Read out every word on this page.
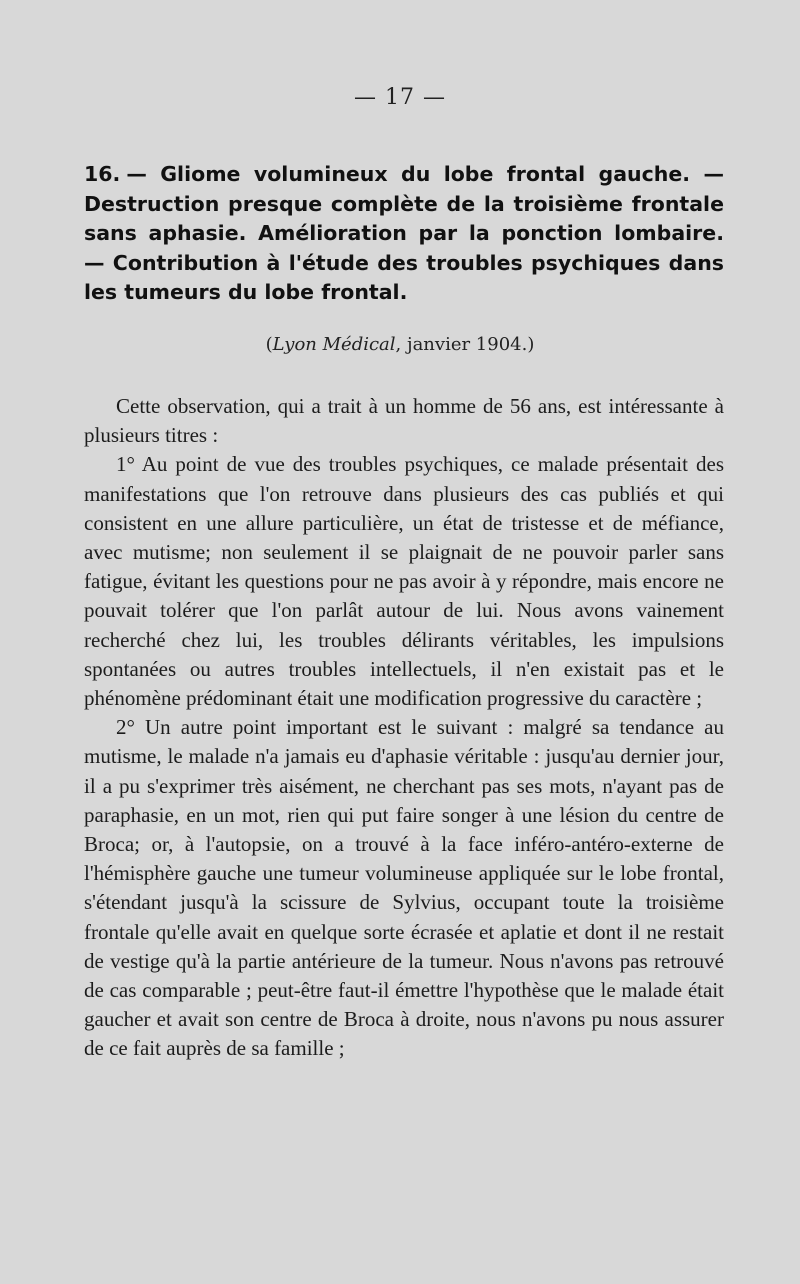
— 17 —
16. — Gliome volumineux du lobe frontal gauche. — Destruction presque complète de la troisième frontale sans aphasie. Amélioration par la ponction lombaire. — Contribution à l'étude des troubles psychiques dans les tumeurs du lobe frontal.
(Lyon Médical, janvier 1904.)

Cette observation, qui a trait à un homme de 56 ans, est intéressante à plusieurs titres :

1° Au point de vue des troubles psychiques, ce malade présentait des manifestations que l'on retrouve dans plusieurs des cas publiés et qui consistent en une allure particulière, un état de tristesse et de méfiance, avec mutisme; non seulement il se plaignait de ne pouvoir parler sans fatigue, évitant les questions pour ne pas avoir à y répondre, mais encore ne pouvait tolérer que l'on parlât autour de lui. Nous avons vainement recherché chez lui, les troubles délirants véritables, les impulsions spontanées ou autres troubles intellectuels, il n'en existait pas et le phénomène prédominant était une modification progressive du caractère ;

2° Un autre point important est le suivant : malgré sa tendance au mutisme, le malade n'a jamais eu d'aphasie véritable : jusqu'au dernier jour, il a pu s'exprimer très aisément, ne cherchant pas ses mots, n'ayant pas de paraphasie, en un mot, rien qui put faire songer à une lésion du centre de Broca; or, à l'autopsie, on a trouvé à la face inféro-antéro-externe de l'hémisphère gauche une tumeur volumineuse appliquée sur le lobe frontal, s'étendant jusqu'à la scissure de Sylvius, occupant toute la troisième frontale qu'elle avait en quelque sorte écrasée et aplatie et dont il ne restait de vestige qu'à la partie antérieure de la tumeur. Nous n'avons pas retrouvé de cas comparable ; peut-être faut-il émettre l'hypothèse que le malade était gaucher et avait son centre de Broca à droite, nous n'avons pu nous assurer de ce fait auprès de sa famille ;
